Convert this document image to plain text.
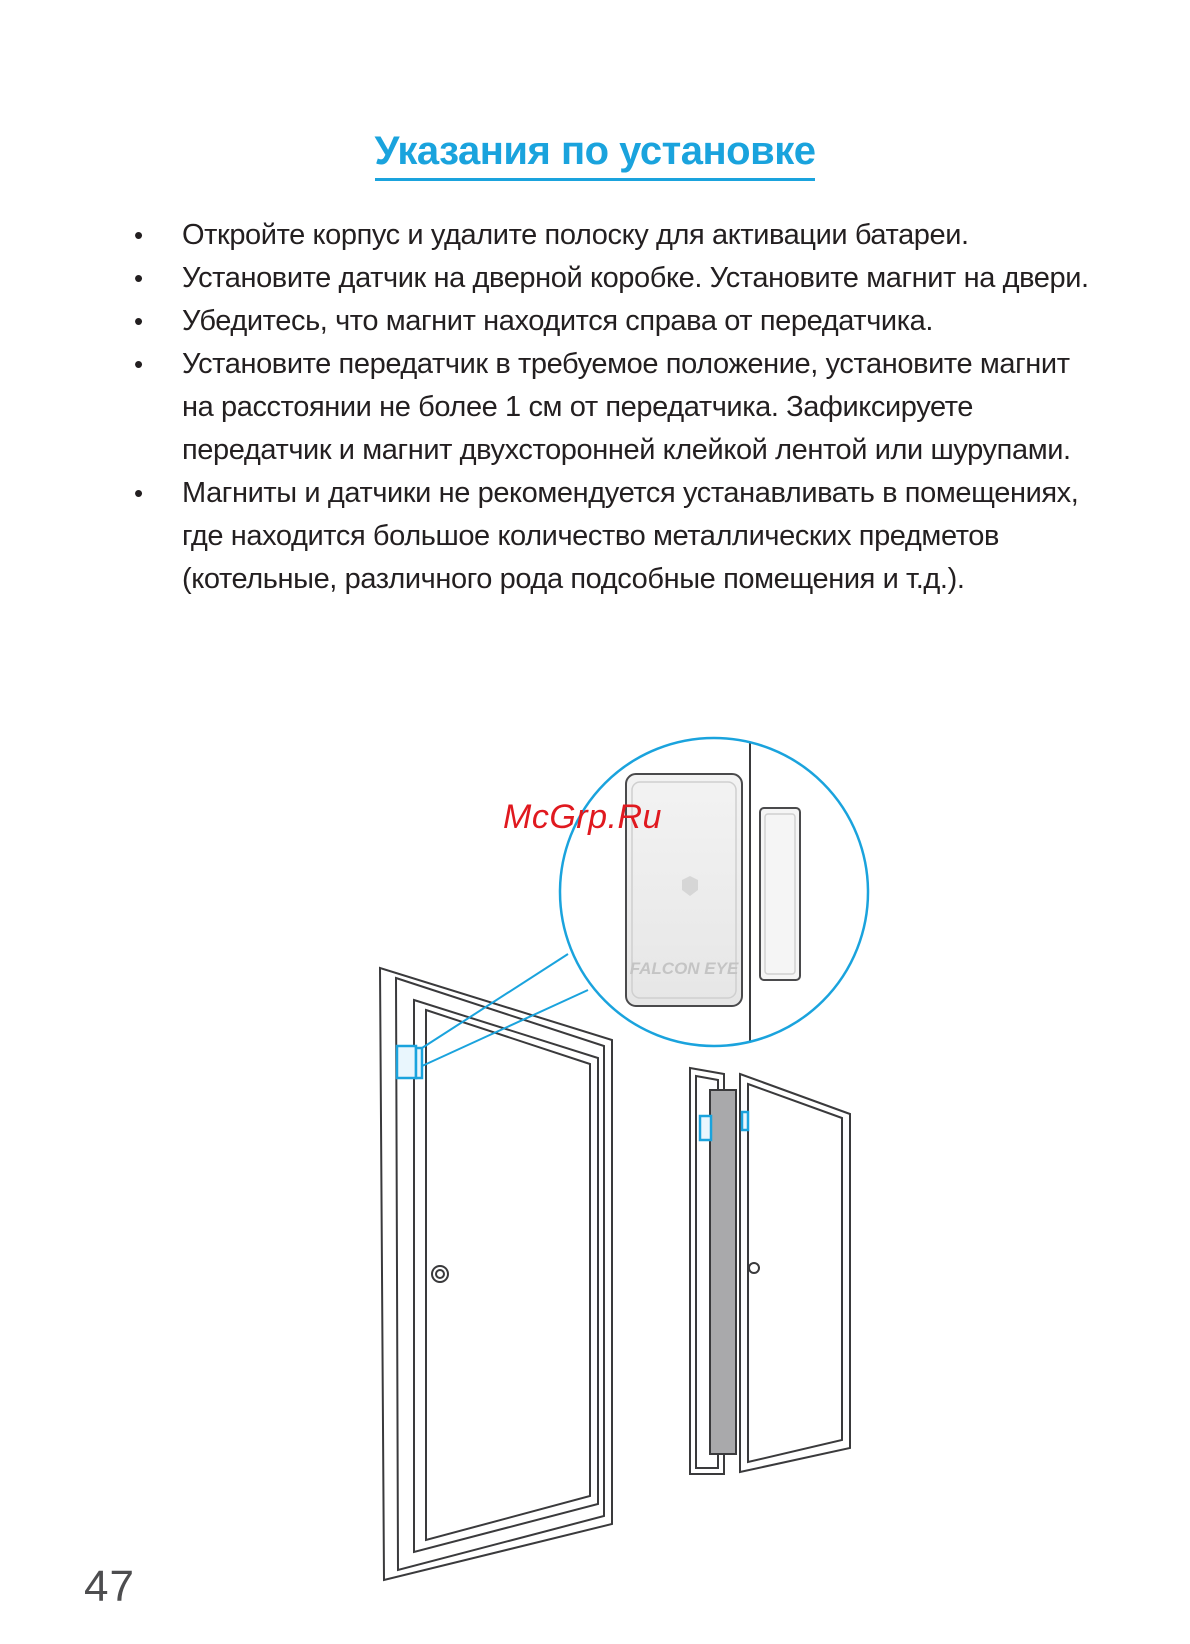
Указания по установке
• Откройте корпус и удалите полоску для активации батареи.
• Установите датчик на дверной коробке. Установите магнит на двери.
• Убедитесь, что магнит находится справа от передатчика.
• Установите передатчик в требуемое положение, установите магнит на расстоянии не более 1 см от передатчика. Зафиксируете передатчик и магнит двухсторонней клейкой лентой или шурупами.
• Магниты и датчики не рекомендуется устанавливать в помещениях, где находится большое количество металлических предметов (котельные, различного рода подсобные помещения и т.д.).
FALCON EYE
McGrp.Ru
47
